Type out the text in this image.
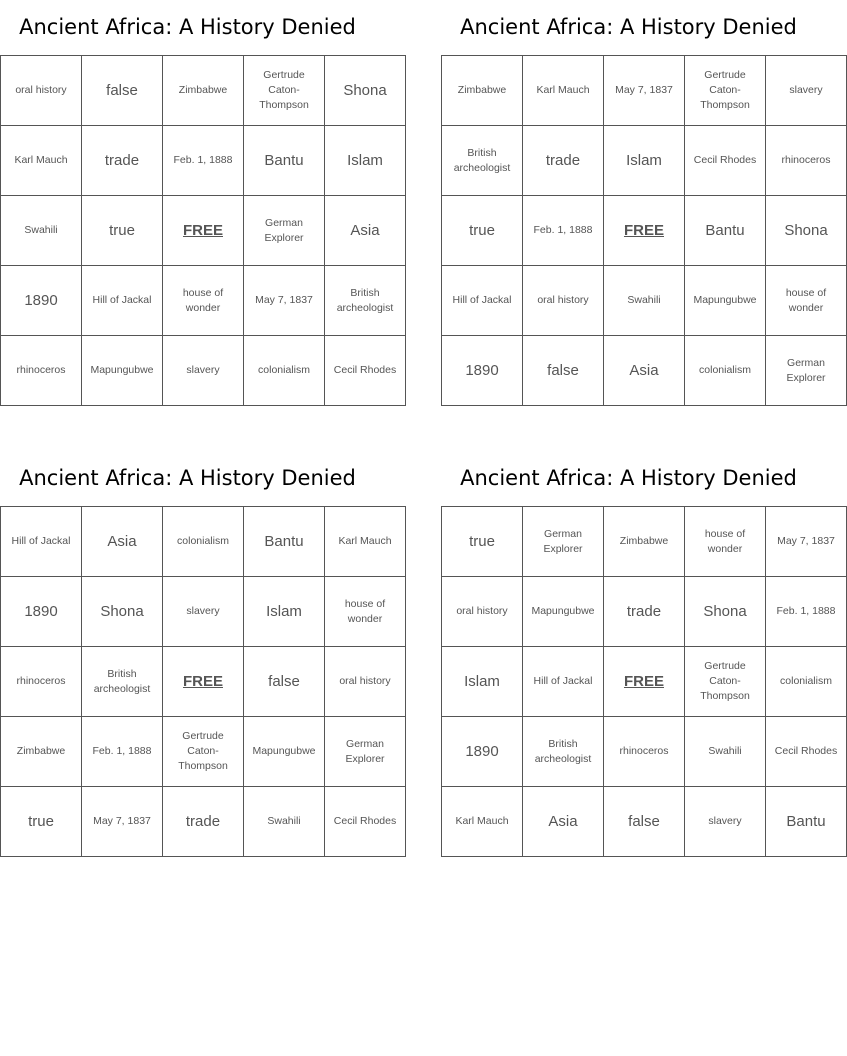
Ancient Africa: A History Denied
oral history	false	Zimbabwe	Gertrude Caton-Thompson	Shona
Karl Mauch	trade	Feb. 1, 1888	Bantu	Islam
Swahili	true	FREE	German Explorer	Asia
1890	Hill of Jackal	house of wonder	May 7, 1837	British archeologist
rhinoceros	Mapungubwe	slavery	colonialism	Cecil Rhodes
Ancient Africa: A History Denied
Zimbabwe	Karl Mauch	May 7, 1837	Gertrude Caton-Thompson	slavery
British archeologist	trade	Islam	Cecil Rhodes	rhinoceros
true	Feb. 1, 1888	FREE	Bantu	Shona
Hill of Jackal	oral history	Swahili	Mapungubwe	house of wonder
1890	false	Asia	colonialism	German Explorer
Ancient Africa: A History Denied
Hill of Jackal	Asia	colonialism	Bantu	Karl Mauch
1890	Shona	slavery	Islam	house of wonder
rhinoceros	British archeologist	FREE	false	oral history
Zimbabwe	Feb. 1, 1888	Gertrude Caton-Thompson	Mapungubwe	German Explorer
true	May 7, 1837	trade	Swahili	Cecil Rhodes
Ancient Africa: A History Denied
true	German Explorer	Zimbabwe	house of wonder	May 7, 1837
oral history	Mapungubwe	trade	Shona	Feb. 1, 1888
Islam	Hill of Jackal	FREE	Gertrude Caton-Thompson	colonialism
1890	British archeologist	rhinoceros	Swahili	Cecil Rhodes
Karl Mauch	Asia	false	slavery	Bantu
